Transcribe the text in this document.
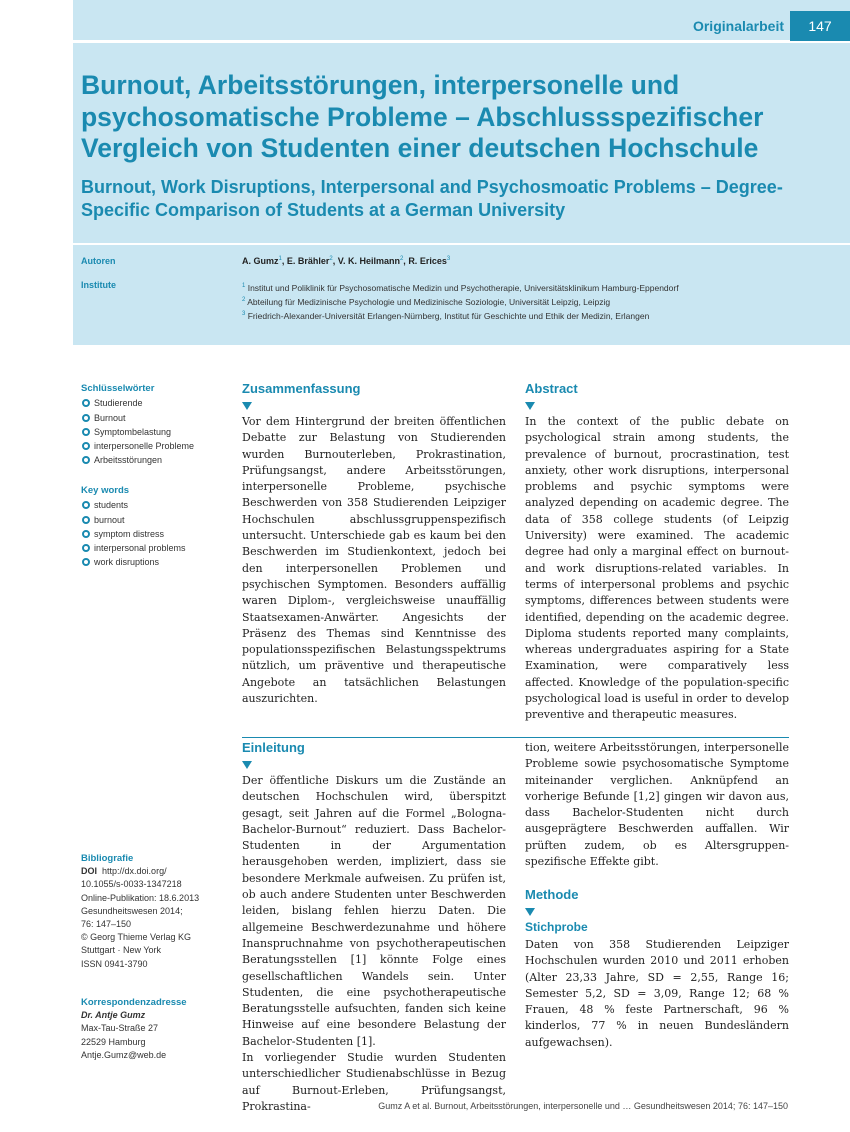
Originalarbeit	147
Burnout, Arbeitsstörungen, interpersonelle und psychosomatische Probleme – Abschlussspezifischer Vergleich von Studenten einer deutschen Hochschule
Burnout, Work Disruptions, Interpersonal and Psychosmoatic Problems – Degree-Specific Comparison of Students at a German University
Autoren
Institute
A. Gumz$^1$, E. Brähler$^2$, V. K. Heilmann$^2$, R. Erices$^3$
$^1$ Institut und Poliklinik für Psychosomatische Medizin und Psychotherapie, Universitätsklinikum Hamburg-Eppendorf
$^2$ Abteilung für Medizinische Psychologie und Medizinische Soziologie, Universität Leipzig, Leipzig
$^3$ Friedrich-Alexander-Universität Erlangen-Nürnberg, Institut für Geschichte und Ethik der Medizin, Erlangen
Schlüsselwörter
Studierende
Burnout
Symptombelastung
interpersonelle Probleme
Arbeitsstörungen
Key words
students
burnout
symptom distress
interpersonal problems
work disruptions
Bibliografie
DOI http://dx.doi.org/
10.1055/s-0033-1347218
Online-Publikation: 18.6.2013
Gesundheitswesen 2014;
76: 147–150
© Georg Thieme Verlag KG
Stuttgart · New York
ISSN 0941-3790
Korrespondenzadresse
Dr. Antje Gumz
Max-Tau-Straße 27
22529 Hamburg
Antje.Gumz@web.de
Zusammenfassung

Vor dem Hintergrund der breiten öffentlichen Debatte zur Belastung von Studierenden wurden Burnouterleben, Prokrastination, Prüfungsangst, andere Arbeitsstörungen, interpersonelle Probleme, psychische Beschwerden von 358 Studierenden Leipziger Hochschulen abschlussgruppenspezifisch untersucht. Unterschiede gab es kaum bei den Beschwerden im Studienkontext, jedoch bei den interpersonellen Problemen und psychischen Symptomen. Besonders auffällig waren Diplom-, vergleichsweise unauffällig Staatsexamen-Anwärter. Angesichts der Präsenz des Themas sind Kenntnisse des populationsspezifischen Belastungsspektrums nützlich, um präventive und therapeutische Angebote an tatsächlichen Belastungen auszurichten.

Abstract

In the context of the public debate on psychological strain among students, the prevalence of burnout, procrastination, test anxiety, other work disruptions, interpersonal problems and psychic symptoms were analyzed depending on academic degree. The data of 358 college students (of Leipzig University) were examined. The academic degree had only a marginal effect on burnout- and work disruptions-related variables. In terms of interpersonal problems and psychic symptoms, differences between students were identified, depending on the academic degree. Diploma students reported many complaints, whereas undergraduates aspiring for a State Examination, were comparatively less affected. Knowledge of the population-specific psychological load is useful in order to develop preventive and therapeutic measures.

Einleitung

Der öffentliche Diskurs um die Zustände an deutschen Hochschulen wird, überspitzt gesagt, seit Jahren auf die Formel „Bologna-Bachelor-Burnout“ reduziert. Dass Bachelor-Studenten in der Argumentation herausgehoben werden, impliziert, dass sie besondere Merkmale aufweisen. Zu prüfen ist, ob auch andere Studenten unter Beschwerden leiden, bislang fehlen hierzu Daten. Die allgemeine Beschwerdezunahme und höhere Inanspruchnahme von psychotherapeutischen Beratungsstellen [1] könnte Folge eines gesellschaftlichen Wandels sein. Unter Studenten, die eine psychotherapeutische Beratungsstelle aufsuchten, fanden sich keine Hinweise auf eine besondere Belastung der Bachelor-Studenten [1].

In vorliegender Studie wurden Studenten unterschiedlicher Studienabschlüsse in Bezug auf Burnout-Erleben, Prüfungsangst, Prokrastina-

tion, weitere Arbeitsstörungen, interpersonelle Probleme sowie psychosomatische Symptome miteinander verglichen. Anknüpfend an vorherige Befunde [1,2] gingen wir davon aus, dass Bachelor-Studenten nicht durch ausgeprägtere Beschwerden auffallen. Wir prüften zudem, ob es Altersgruppen-spezifische Effekte gibt.

Methode
Stichprobe

Daten von 358 Studierenden Leipziger Hochschulen wurden 2010 und 2011 erhoben (Alter 23,33 Jahre, SD = 2,55, Range 16; Semester 5,2, SD = 3,09, Range 12; 68 % Frauen, 48 % feste Partnerschaft, 96 % kinderlos, 77 % in neuen Bundesländern aufgewachsen).

Gumz A et al. Burnout, Arbeitsstörungen, interpersonelle und … Gesundheitswesen 2014; 76: 147–150
